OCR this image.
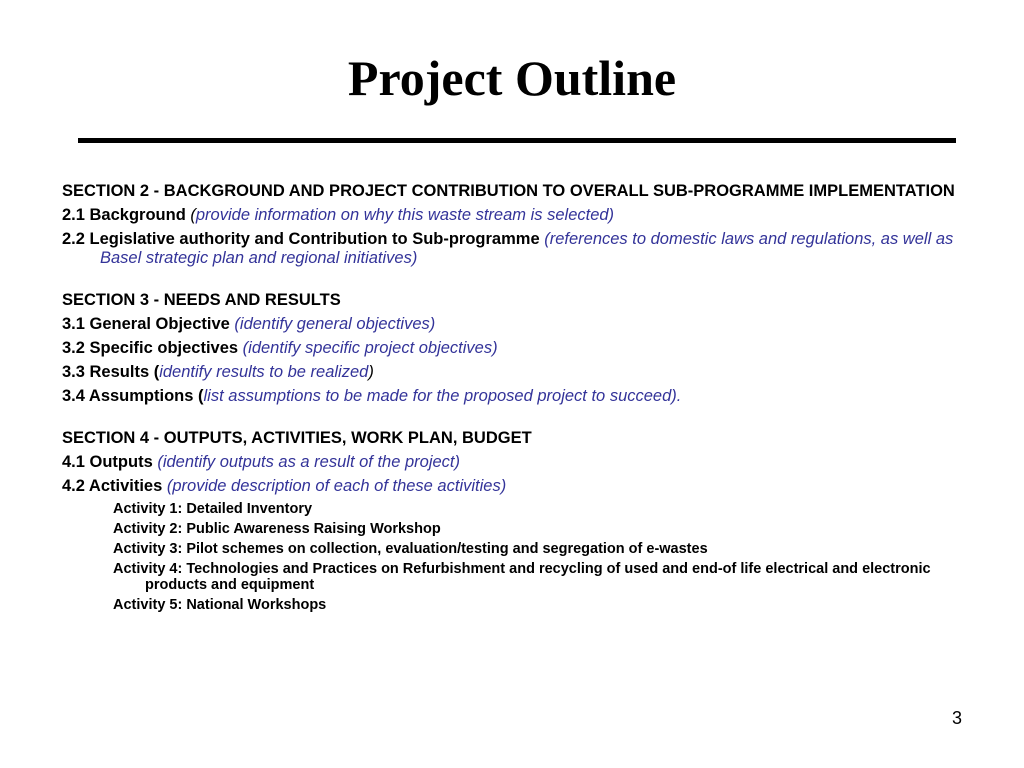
Project Outline
SECTION 2 - BACKGROUND AND PROJECT CONTRIBUTION TO OVERALL SUB-PROGRAMME IMPLEMENTATION
2.1 Background (provide information on why this waste stream is selected)
2.2 Legislative authority and Contribution to Sub-programme (references to domestic laws and regulations, as well as Basel strategic plan and regional initiatives)
SECTION 3 - NEEDS AND RESULTS
3.1 General Objective (identify general objectives)
3.2 Specific objectives (identify specific project objectives)
3.3 Results (identify results to be realized)
3.4 Assumptions (list assumptions to be made for the proposed project to succeed).
SECTION 4 - OUTPUTS, ACTIVITIES, WORK PLAN, BUDGET
4.1 Outputs (identify outputs as a result of the project)
4.2 Activities (provide description of each of these activities)
Activity 1: Detailed Inventory
Activity 2: Public Awareness Raising Workshop
Activity 3: Pilot schemes on collection, evaluation/testing and segregation of e-wastes
Activity 4: Technologies and Practices on Refurbishment and recycling of used and end-of life electrical and electronic products and equipment
Activity 5: National Workshops
3
